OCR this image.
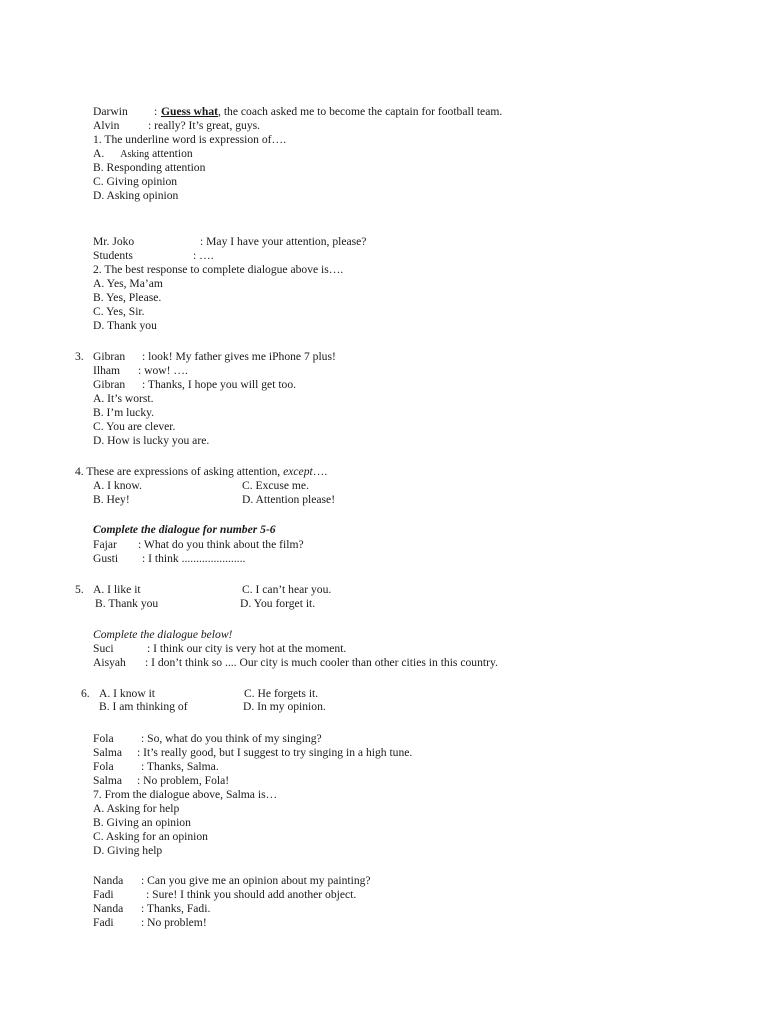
Darwin : Guess what, the coach asked me to become the captain for football team.
Alvin : really? It’s great, guys.
1. The underline word is expression of….
A. Asking attention
B. Responding attention
C. Giving opinion
D. Asking opinion
Mr. Joko	: May I have your attention, please?
Students	: ….
2. The best response to complete dialogue above is….
A. Yes, Ma’am
B. Yes, Please.
C. Yes, Sir.
D. Thank you
3. Gibran : look! My father gives me iPhone 7 plus!
Ilham : wow! ….
Gibran : Thanks, I hope you will get too.
A. It’s worst.
B. I’m lucky.
C. You are clever.
D. How is lucky you are.
4. These are expressions of asking attention, except….
A. I know.	C. Excuse me.
B. Hey!	D. Attention please!
Complete the dialogue for number 5-6
Fajar : What do you think about the film?
Gusti : I think ......................
5. A. I like it	C. I can’t hear you.
B. Thank you	D. You forget it.
Complete the dialogue below!
Suci	: I think our city is very hot at the moment.
Aisyah : I don’t think so .... Our city is much cooler than other cities in this country.
6. A. I know it	C. He forgets it.
B. I am thinking of	D. In my opinion.
Fola : So, what do you think of my singing?
Salma : It’s really good, but I suggest to try singing in a high tune.
Fola : Thanks, Salma.
Salma : No problem, Fola!
7. From the dialogue above, Salma is…
A. Asking for help
B. Giving an opinion
C. Asking for an opinion
D. Giving help
Nanda : Can you give me an opinion about my painting?
Fadi	: Sure! I think you should add another object.
Nanda : Thanks, Fadi.
Fadi : No problem!
